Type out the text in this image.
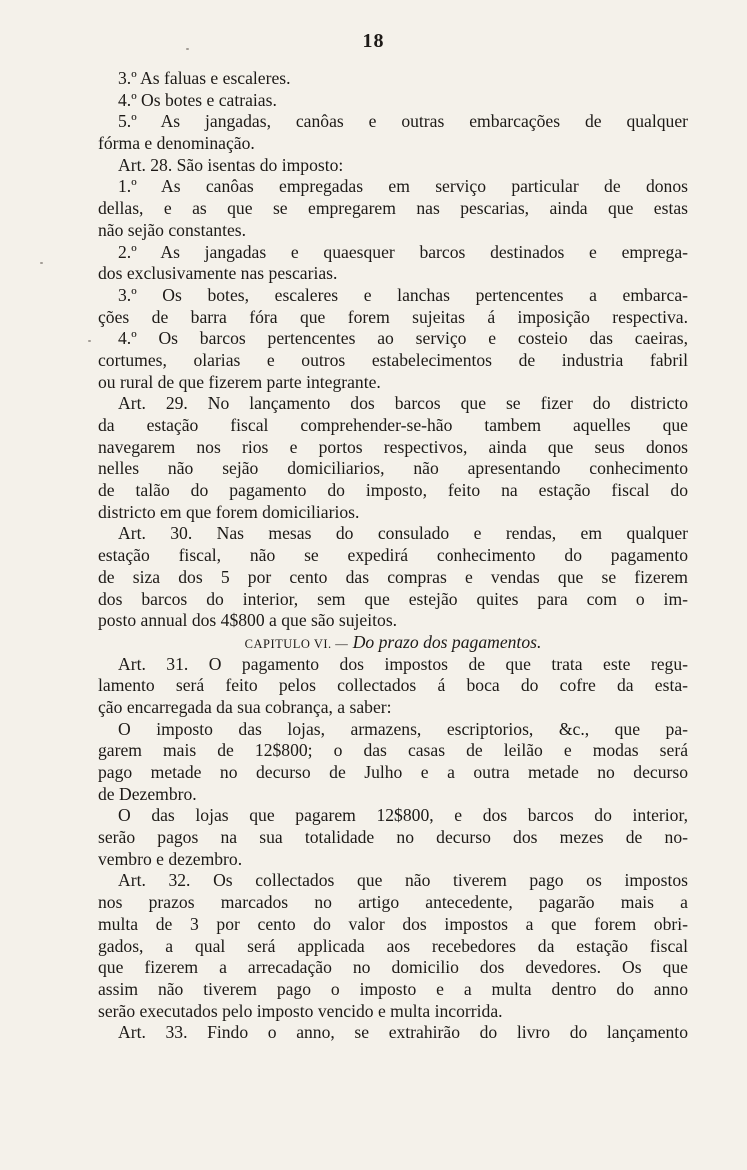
18
3.º As faluas e escaleres.
4.º Os botes e catraias.
5.º As jangadas, canôas e outras embarcações de qualquer
fórma e denominação.
Art. 28. São isentas do imposto:
1.º As canôas empregadas em serviço particular de donos
dellas, e as que se empregarem nas pescarias, ainda que estas
não sejão constantes.
2.º As jangadas e quaesquer barcos destinados e emprega-
dos exclusivamente nas pescarias.
3.º Os botes, escaleres e lanchas pertencentes a embarca-
ções de barra fóra que forem sujeitas á imposição respectiva.
4.º Os barcos pertencentes ao serviço e costeio das caeiras,
cortumes, olarias e outros estabelecimentos de industria fabril
ou rural de que fizerem parte integrante.
Art. 29. No lançamento dos barcos que se fizer do districto
da estação fiscal comprehender-se-hão tambem aquelles que
navegarem nos rios e portos respectivos, ainda que seus donos
nelles não sejão domiciliarios, não apresentando conhecimento
de talão do pagamento do imposto, feito na estação fiscal do
districto em que forem domiciliarios.
Art. 30. Nas mesas do consulado e rendas, em qualquer
estação fiscal, não se expedirá conhecimento do pagamento
de siza dos 5 por cento das compras e vendas que se fizerem
dos barcos do interior, sem que estejão quites para com o im-
posto annual dos 4$800 a que são sujeitos.
CAPITULO VI. — Do prazo dos pagamentos.
Art. 31. O pagamento dos impostos de que trata este regu-
lamento será feito pelos collectados á boca do cofre da esta-
ção encarregada da sua cobrança, a saber:
O imposto das lojas, armazens, escriptorios, &c., que pa-
garem mais de 12$800; o das casas de leilão e modas será
pago metade no decurso de Julho e a outra metade no decurso
de Dezembro.
O das lojas que pagarem 12$800, e dos barcos do interior,
serão pagos na sua totalidade no decurso dos mezes de no-
vembro e dezembro.
Art. 32. Os collectados que não tiverem pago os impostos
nos prazos marcados no artigo antecedente, pagarão mais a
multa de 3 por cento do valor dos impostos a que forem obri-
gados, a qual será applicada aos recebedores da estação fiscal
que fizerem a arrecadação no domicilio dos devedores. Os que
assim não tiverem pago o imposto e a multa dentro do anno
serão executados pelo imposto vencido e multa incorrida.
Art. 33. Findo o anno, se extrahirão do livro do lançamento
